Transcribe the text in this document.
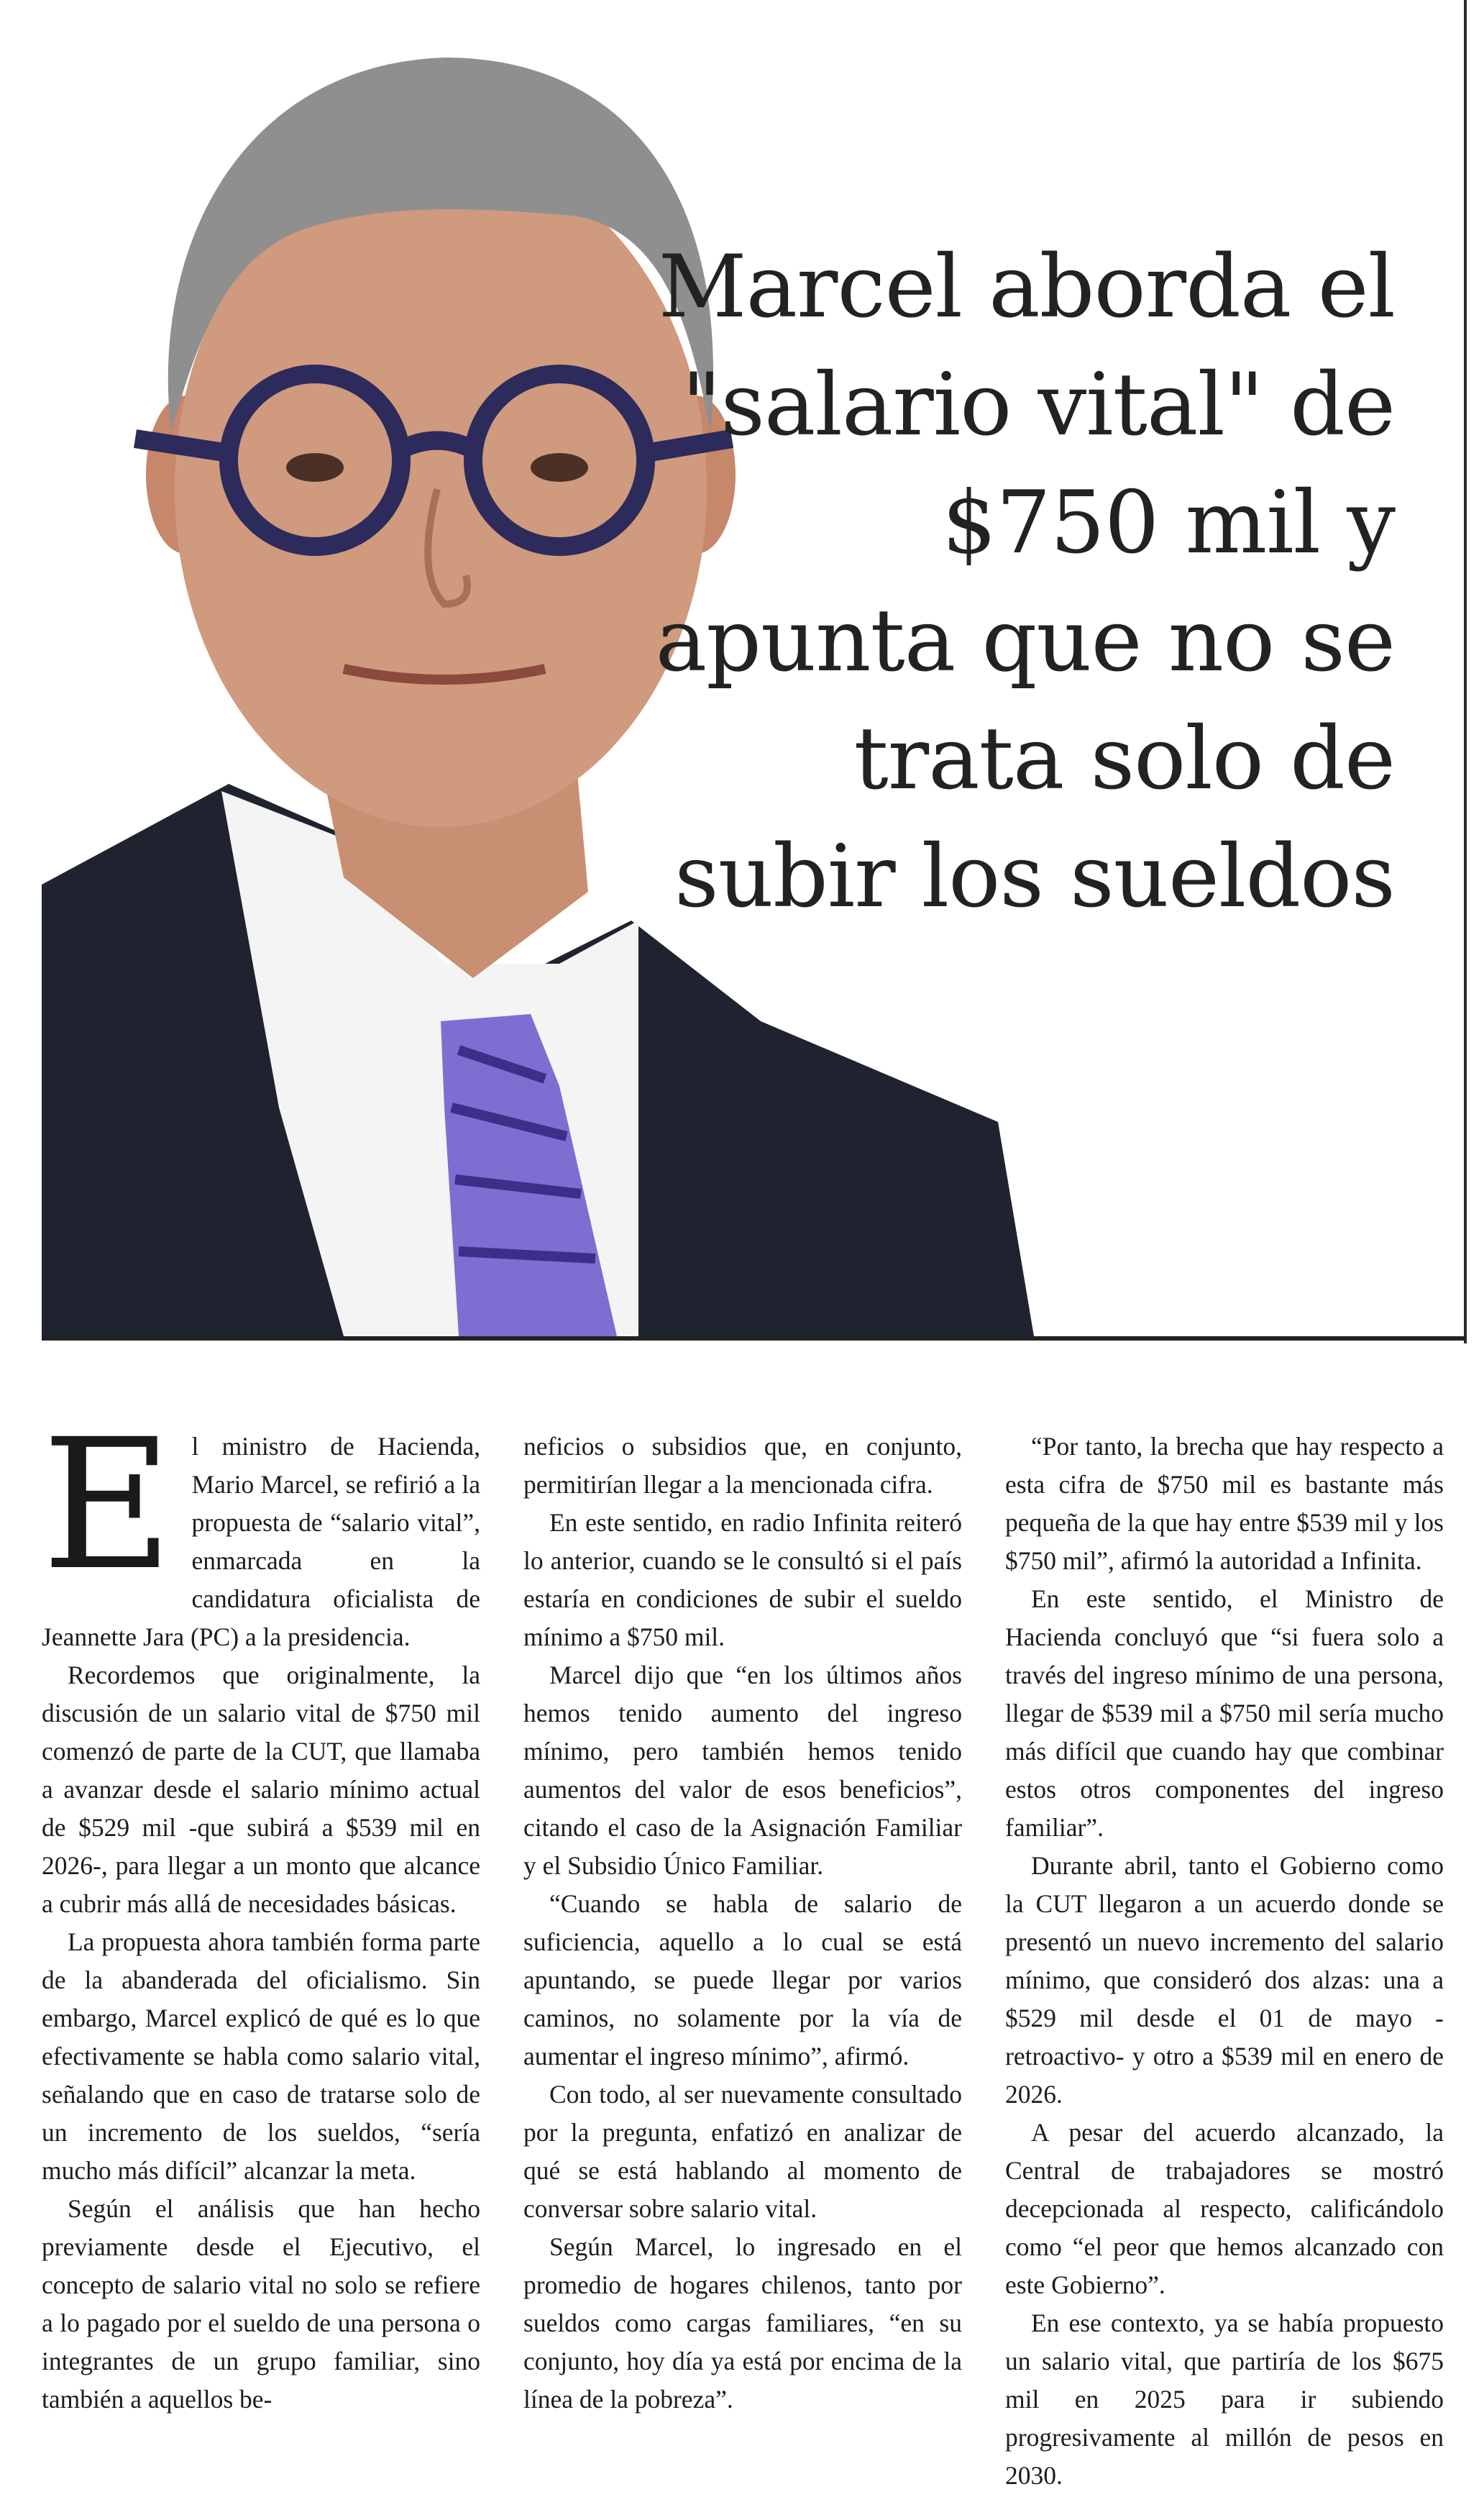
Marcel aborda el "salario vital" de $750 mil y apunta que no se trata solo de subir los sueldos
E l ministro de Hacienda, Mario Marcel, se refirió a la propuesta de “salario vital”, enmarcada en la candidatura oficialista de Jeannette Jara (PC) a la presidencia.

Recordemos que originalmente, la discusión de un salario vital de $750 mil comenzó de parte de la CUT, que llamaba a avanzar desde el salario mínimo actual de $529 mil -que subirá a $539 mil en 2026-, para llegar a un monto que alcance a cubrir más allá de necesidades básicas.

La propuesta ahora también forma parte de la abanderada del oficialismo. Sin embargo, Marcel explicó de qué es lo que efectivamente se habla como salario vital, señalando que en caso de tratarse solo de un incremento de los sueldos, “sería mucho más difícil” alcanzar la meta.

Según el análisis que han hecho previamente desde el Ejecutivo, el concepto de salario vital no solo se refiere a lo pagado por el sueldo de una persona o integrantes de un grupo familiar, sino también a aquellos be-

neficios o subsidios que, en conjunto, permitirían llegar a la mencionada cifra.

En este sentido, en radio Infinita reiteró lo anterior, cuando se le consultó si el país estaría en condiciones de subir el sueldo mínimo a $750 mil.

Marcel dijo que “en los últimos años hemos tenido aumento del ingreso mínimo, pero también hemos tenido aumentos del valor de esos beneficios”, citando el caso de la Asignación Familiar y el Subsidio Único Familiar.

“Cuando se habla de salario de suficiencia, aquello a lo cual se está apuntando, se puede llegar por varios caminos, no solamente por la vía de aumentar el ingreso mínimo”, afirmó.

Con todo, al ser nuevamente consultado por la pregunta, enfatizó en analizar de qué se está hablando al momento de conversar sobre salario vital.

Según Marcel, lo ingresado en el promedio de hogares chilenos, tanto por sueldos como cargas familiares, “en su conjunto, hoy día ya está por encima de la línea de la pobreza”.

“Por tanto, la brecha que hay respecto a esta cifra de $750 mil es bastante más pequeña de la que hay entre $539 mil y los $750 mil”, afirmó la autoridad a Infinita.

En este sentido, el Ministro de Hacienda concluyó que “si fuera solo a través del ingreso mínimo de una persona, llegar de $539 mil a $750 mil sería mucho más difícil que cuando hay que combinar estos otros componentes del ingreso familiar”.

Durante abril, tanto el Gobierno como la CUT llegaron a un acuerdo donde se presentó un nuevo incremento del salario mínimo, que consideró dos alzas: una a $529 mil desde el 01 de mayo -retroactivo- y otro a $539 mil en enero de 2026.

A pesar del acuerdo alcanzado, la Central de trabajadores se mostró decepcionada al respecto, calificándolo como “el peor que hemos alcanzado con este Gobierno”.

En ese contexto, ya se había propuesto un salario vital, que partiría de los $675 mil en 2025 para ir subiendo progresivamente al millón de pesos en 2030.
